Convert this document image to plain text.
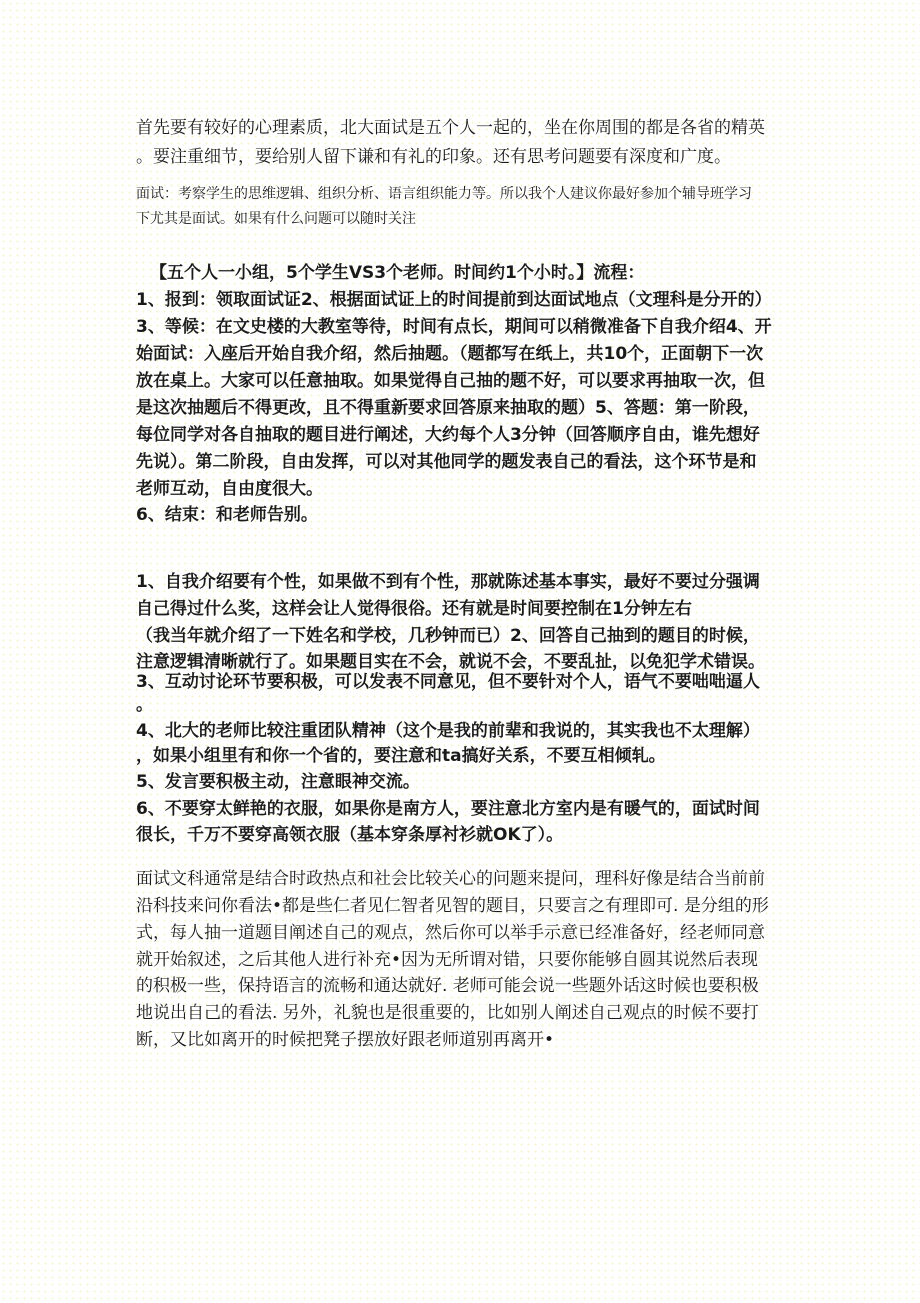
首先要有较好的心理素质，北大面试是五个人一起的，坐在你周围的都是各省的精英
。要注重细节，要给别人留下谦和有礼的印象。还有思考问题要有深度和广度。
面试：考察学生的思维逻辑、组织分析、语言组织能力等。所以我个人建议你最好参加个辅导班学习
下尤其是面试。如果有什么问题可以随时关注
【五个人一小组，5个学生VS3个老师。时间约1个小时。】流程：
1、报到：领取面试证2、根据面试证上的时间提前到达面试地点（文理科是分开的）
3、等候：在文史楼的大教室等待，时间有点长，期间可以稍微准备下自我介绍4、开
始面试：入座后开始自我介绍，然后抽题。（题都写在纸上，共10个，正面朝下一次
放在桌上。大家可以任意抽取。如果觉得自己抽的题不好，可以要求再抽取一次，但
是这次抽题后不得更改，且不得重新要求回答原来抽取的题）5、答题：第一阶段，
每位同学对各自抽取的题目进行阐述，大约每个人3分钟（回答顺序自由，谁先想好
先说）。第二阶段，自由发挥，可以对其他同学的题发表自己的看法，这个环节是和
老师互动，自由度很大。
6、结束：和老师告别。
1、自我介绍要有个性，如果做不到有个性，那就陈述基本事实，最好不要过分强调
自己得过什么奖，这样会让人觉得很俗。还有就是时间要控制在1分钟左右
（我当年就介绍了一下姓名和学校，几秒钟而已）2、回答自己抽到的题目的时候，
注意逻辑清晰就行了。如果题目实在不会，就说不会，不要乱扯，以免犯学术错误。
3、互动讨论环节要积极，可以发表不同意见，但不要针对个人，语气不要咄咄逼人
。
4、北大的老师比较注重团队精神（这个是我的前辈和我说的，其实我也不太理解）
，如果小组里有和你一个省的，要注意和ta搞好关系，不要互相倾轧。
5、发言要积极主动，注意眼神交流。
6、不要穿太鲜艳的衣服，如果你是南方人，要注意北方室内是有暖气的，面试时间
很长，千万不要穿高领衣服（基本穿条厚衬衫就OK了）。
面试文科通常是结合时政热点和社会比较关心的问题来提问，理科好像是结合当前前
沿科技来问你看法•都是些仁者见仁智者见智的题目，只要言之有理即可. 是分组的形
式，每人抽一道题目阐述自己的观点，然后你可以举手示意已经准备好，经老师同意
就开始叙述，之后其他人进行补充•因为无所谓对错，只要你能够自圆其说然后表现
的积极一些，保持语言的流畅和通达就好. 老师可能会说一些题外话这时候也要积极
地说出自己的看法. 另外，礼貌也是很重要的，比如别人阐述自己观点的时候不要打
断，又比如离开的时候把凳子摆放好跟老师道别再离开•
